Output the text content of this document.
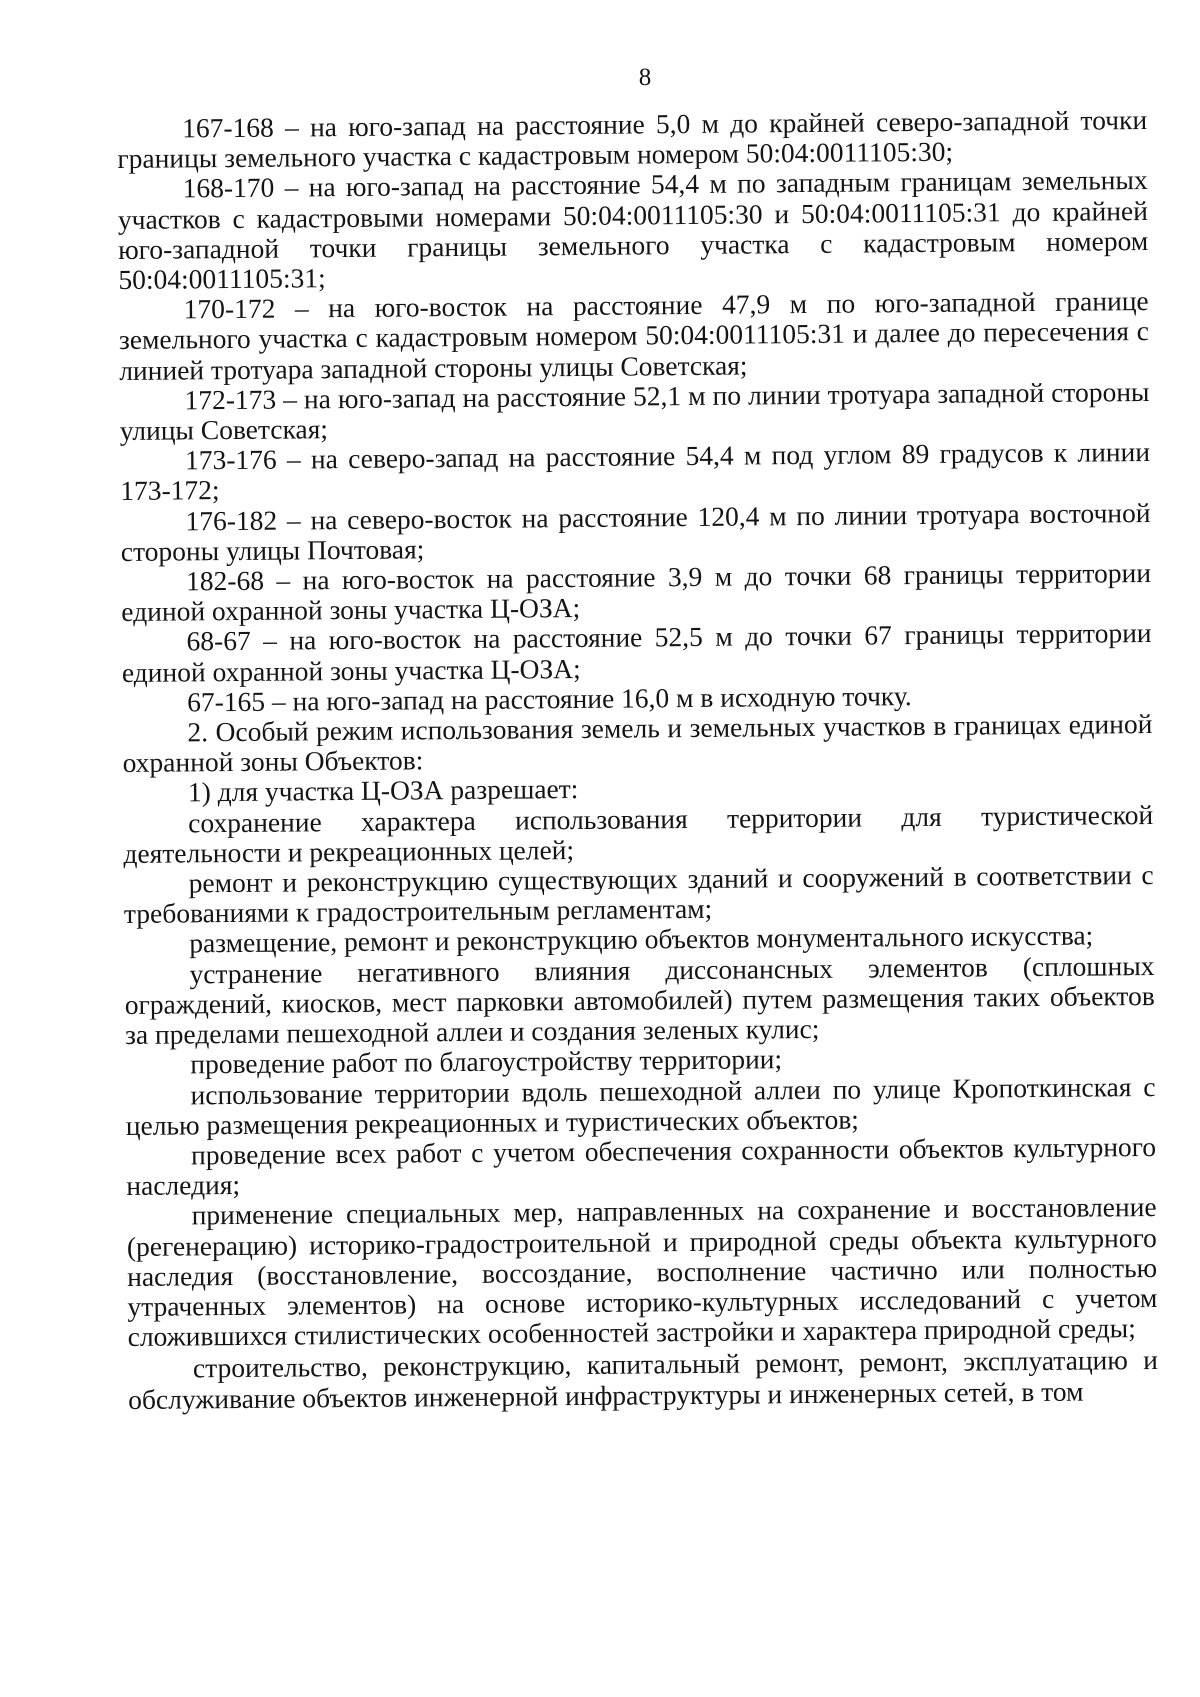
8

167-168 – на юго-запад на расстояние 5,0 м до крайней северо-западной точки границы земельного участка с кадастровым номером 50:04:0011105:30;

168-170 – на юго-запад на расстояние 54,4 м по западным границам земельных участков с кадастровыми номерами 50:04:0011105:30 и 50:04:0011105:31 до крайней юго-западной точки границы земельного участка с кадастровым номером 50:04:0011105:31;

170-172 – на юго-восток на расстояние 47,9 м по юго-западной границе земельного участка с кадастровым номером 50:04:0011105:31 и далее до пересечения с линией тротуара западной стороны улицы Советская;

172-173 – на юго-запад на расстояние 52,1 м по линии тротуара западной стороны улицы Советская;

173-176 – на северо-запад на расстояние 54,4 м под углом 89 градусов к линии 173-172;

176-182 – на северо-восток на расстояние 120,4 м по линии тротуара восточной стороны улицы Почтовая;

182-68 – на юго-восток на расстояние 3,9 м до точки 68 границы территории единой охранной зоны участка Ц-ОЗА;

68-67 – на юго-восток на расстояние 52,5 м до точки 67 границы территории единой охранной зоны участка Ц-ОЗА;

67-165 – на юго-запад на расстояние 16,0 м в исходную точку.

2. Особый режим использования земель и земельных участков в границах единой охранной зоны Объектов:

1) для участка Ц-ОЗА разрешает:

сохранение характера использования территории для туристической деятельности и рекреационных целей;

ремонт и реконструкцию существующих зданий и сооружений в соответствии с требованиями к градостроительным регламентам;

размещение, ремонт и реконструкцию объектов монументального искусства;

устранение негативного влияния диссонансных элементов (сплошных ограждений, киосков, мест парковки автомобилей) путем размещения таких объектов за пределами пешеходной аллеи и создания зеленых кулис;

проведение работ по благоустройству территории;

использование территории вдоль пешеходной аллеи по улице Кропоткинская с целью размещения рекреационных и туристических объектов;

проведение всех работ с учетом обеспечения сохранности объектов культурного наследия;

применение специальных мер, направленных на сохранение и восстановление (регенерацию) историко-градостроительной и природной среды объекта культурного наследия (восстановление, воссоздание, восполнение частично или полностью утраченных элементов) на основе историко-культурных исследований с учетом сложившихся стилистических особенностей застройки и характера природной среды;

строительство, реконструкцию, капитальный ремонт, ремонт, эксплуатацию и обслуживание объектов инженерной инфраструктуры и инженерных сетей, в том
